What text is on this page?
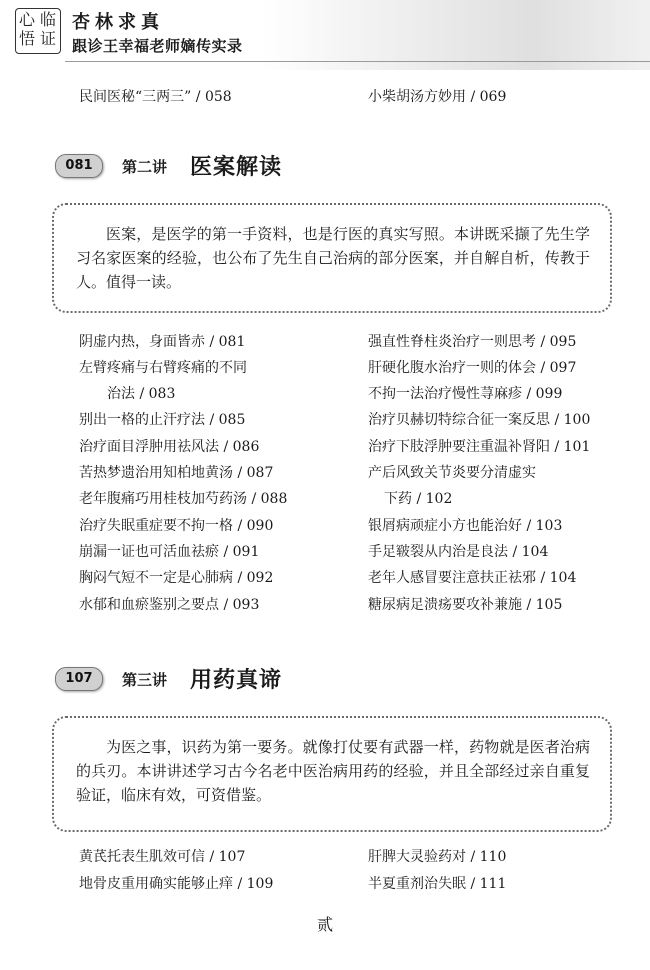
临
证
心
悟
杏林求真
跟诊王幸福老师嫡传实录
民间医秘“三两三” / 058	小柴胡汤方妙用 / 069
081	第二讲 医案解读
医案，是医学的第一手资料，也是行医的真实写照。本讲既采撷了先生学习名家医案的经验，也公布了先生自己治病的部分医案，并自解自析，传教于人。值得一读。
阴虚内热，身面皆赤 / 081
左臂疼痛与右臂疼痛的不同
治法 / 083
别出一格的止汗疗法 / 085
治疗面目浮肿用祛风法 / 086
苦热梦遗治用知柏地黄汤 / 087
老年腹痛巧用桂枝加芍药汤 / 088
治疗失眠重症要不拘一格 / 090
崩漏一证也可活血祛瘀 / 091
胸闷气短不一定是心肺病 / 092
水郁和血瘀鉴别之要点 / 093
强直性脊柱炎治疗一则思考 / 095
肝硬化腹水治疗一则的体会 / 097
不拘一法治疗慢性荨麻疹 / 099
治疗贝赫切特综合征一案反思 / 100
治疗下肢浮肿要注重温补肾阳 / 101
产后风致关节炎要分清虚实
下药 / 102
银屑病顽症小方也能治好 / 103
手足皲裂从内治是良法 / 104
老年人感冒要注意扶正祛邪 / 104
糖尿病足溃疡要攻补兼施 / 105
107	第三讲 用药真谛
为医之事，识药为第一要务。就像打仗要有武器一样，药物就是医者治病的兵刃。本讲讲述学习古今名老中医治病用药的经验，并且全部经过亲自重复验证，临床有效，可资借鉴。
黄芪托表生肌效可信 / 107
地骨皮重用确实能够止痒 / 109
肝脾大灵验药对 / 110
半夏重剂治失眠 / 111
贰
